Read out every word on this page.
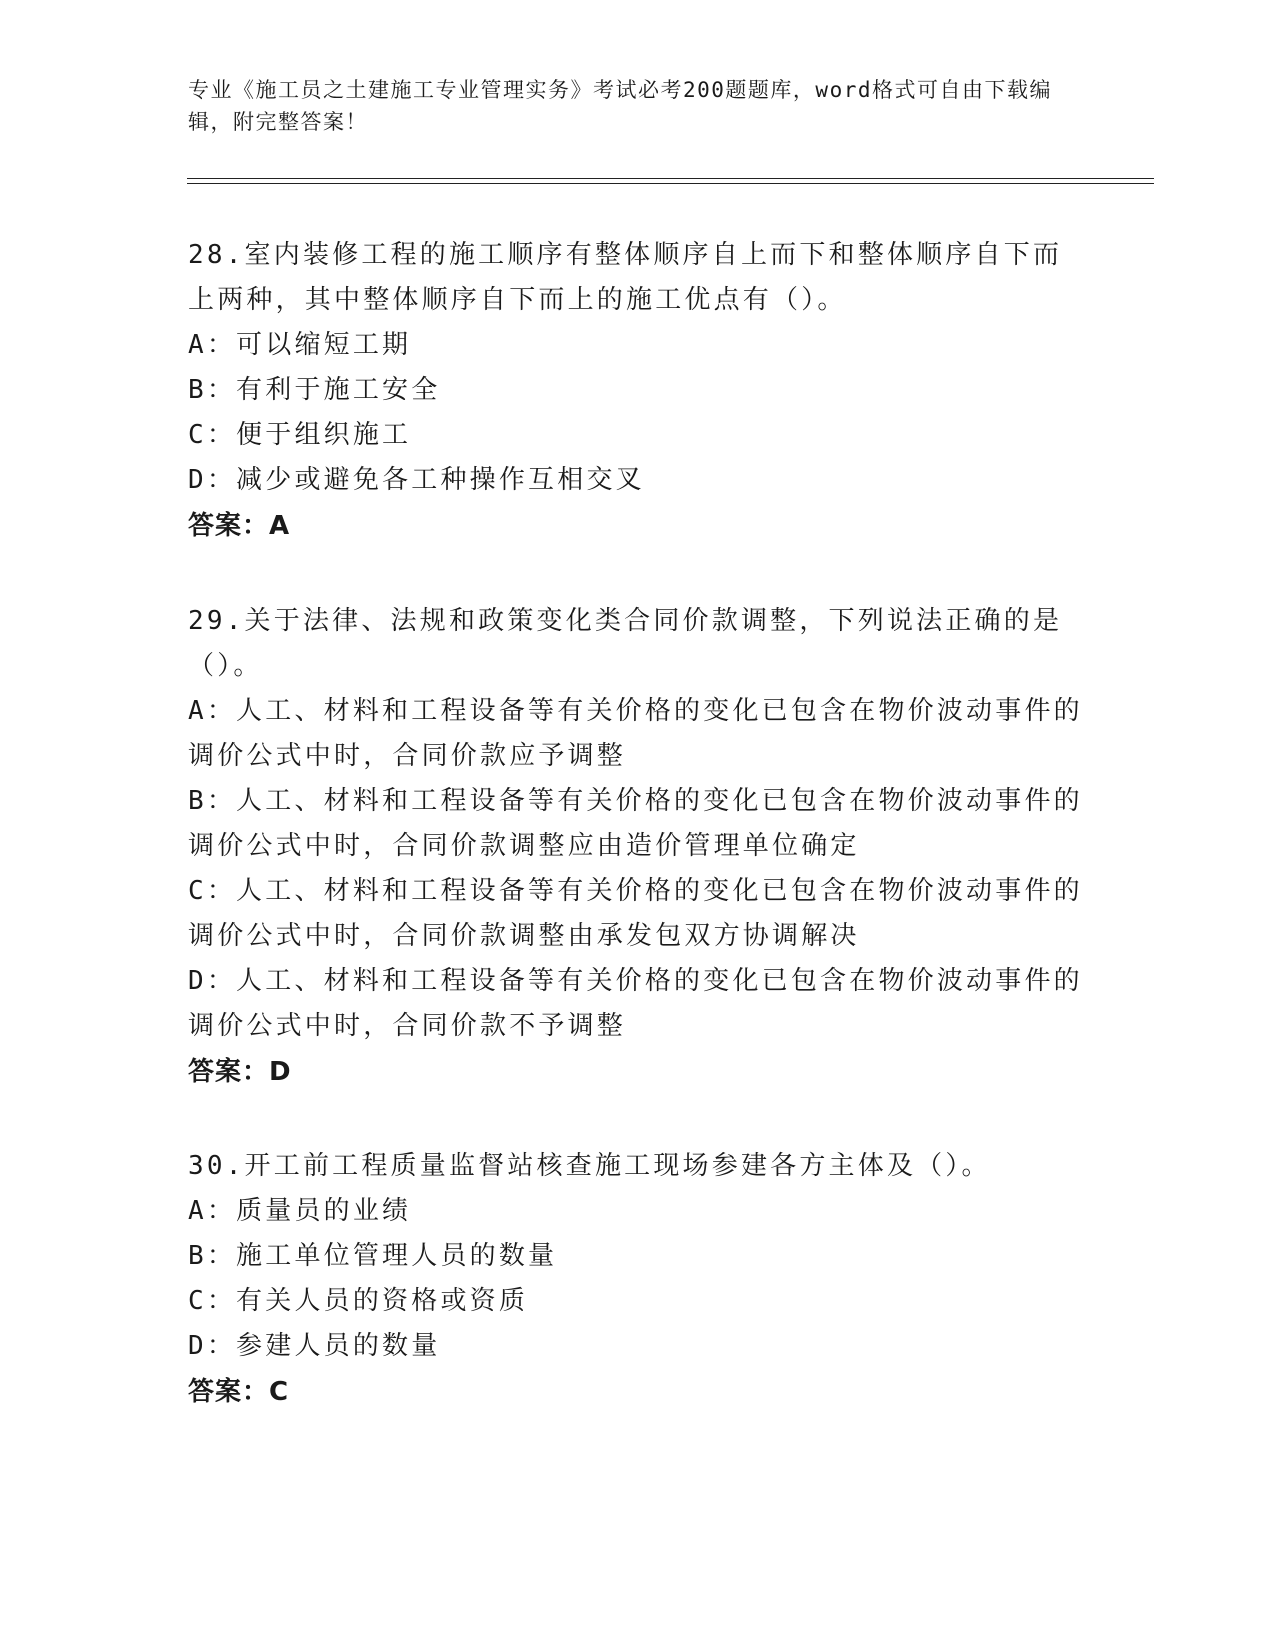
专业《施工员之土建施工专业管理实务》考试必考200题题库，word格式可自由下载编辑，附完整答案！

28.室内装修工程的施工顺序有整体顺序自上而下和整体顺序自下而上两种，其中整体顺序自下而上的施工优点有（）。

A：可以缩短工期

B：有利于施工安全

C：便于组织施工

D：减少或避免各工种操作互相交叉

答案：A

29.关于法律、法规和政策变化类合同价款调整，下列说法正确的是（）。

A：人工、材料和工程设备等有关价格的变化已包含在物价波动事件的调价公式中时，合同价款应予调整

B：人工、材料和工程设备等有关价格的变化已包含在物价波动事件的调价公式中时，合同价款调整应由造价管理单位确定

C：人工、材料和工程设备等有关价格的变化已包含在物价波动事件的调价公式中时，合同价款调整由承发包双方协调解决

D：人工、材料和工程设备等有关价格的变化已包含在物价波动事件的调价公式中时，合同价款不予调整

答案：D

30.开工前工程质量监督站核查施工现场参建各方主体及（）。

A：质量员的业绩

B：施工单位管理人员的数量

C：有关人员的资格或资质

D：参建人员的数量

答案：C
